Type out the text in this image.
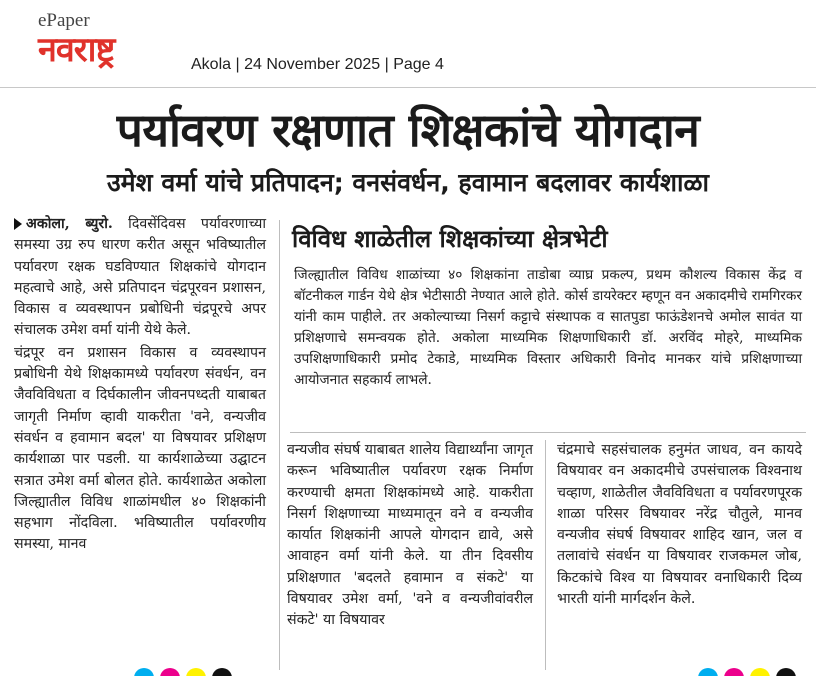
ePaper
नवराष्ट्र	Akola | 24 November 2025 | Page 4
पर्यावरण रक्षणात शिक्षकांचे योगदान
उमेश वर्मा यांचे प्रतिपादन; वनसंवर्धन, हवामान बदलावर कार्यशाळा

अकोला, ब्युरो. दिवसेंदिवस पर्यावरणाच्या समस्या उग्र रुप धारण करीत असून भविष्यातील पर्यावरण रक्षक घडविण्यात शिक्षकांचे योगदान महत्वाचे आहे, असे प्रतिपादन चंद्रपूरवन प्रशासन, विकास व व्यवस्थापन प्रबोधिनी चंद्रपूरचे अपर संचालक उमेश वर्मा यांनी येथे केले.

चंद्रपूर वन प्रशासन विकास व व्यवस्थापन प्रबोधिनी येथे शिक्षकामध्ये पर्यावरण संवर्धन, वन जैवविविधता व दिर्घकालीन जीवनपध्दती याबाबत जागृती निर्माण व्हावी याकरीता 'वने, वन्यजीव संवर्धन व हवामान बदल' या विषयावर प्रशिक्षण कार्यशाळा पार पडली. या कार्यशाळेच्या उद्घाटन सत्रात उमेश वर्मा बोलत होते. कार्यशाळेत अकोला जिल्ह्यातील विविध शाळांमधील ४० शिक्षकांनी सहभाग नोंदविला. भविष्यातील पर्यावरणीय समस्या, मानव

विविध शाळेतील शिक्षकांच्या क्षेत्रभेटी

जिल्ह्यातील विविध शाळांच्या ४० शिक्षकांना ताडोबा व्याघ्र प्रकल्प, प्रथम कौशल्य विकास केंद्र व बॉटनीकल गार्डन येथे क्षेत्र भेटीसाठी नेण्यात आले होते. कोर्स डायरेक्टर म्हणून वन अकादमीचे रामगिरकर यांनी काम पाहीले. तर अकोल्याच्या निसर्ग कट्टाचे संस्थापक व सातपुडा फाऊंडेशनचे अमोल सावंत या प्रशिक्षणाचे समन्वयक होते. अकोला माध्यमिक शिक्षणाधिकारी डॉ. अरविंद मोहरे, माध्यमिक उपशिक्षणाधिकारी प्रमोद टेकाडे, माध्यमिक विस्तार अधिकारी विनोद मानकर यांचे प्रशिक्षणाच्या आयोजनात सहकार्य लाभले.

वन्यजीव संघर्ष याबाबत शालेय विद्यार्थ्यांना जागृत करून भविष्यातील पर्यावरण रक्षक निर्माण करण्याची क्षमता शिक्षकांमध्ये आहे. याकरीता निसर्ग शिक्षणाच्या माध्यमातून वने व वन्यजीव कार्यात शिक्षकांनी आपले योगदान द्यावे, असे आवाहन वर्मा यांनी केले. या तीन दिवसीय प्रशिक्षणात 'बदलते हवामान व संकटे' या विषयावर उमेश वर्मा, 'वने व वन्यजीवांवरील संकटे' या विषयावर

चंद्रमाचे सहसंचालक हनुमंत जाधव, वन कायदे विषयावर वन अकादमीचे उपसंचालक विश्वनाथ चव्हाण, शाळेतील जैवविविधता व पर्यावरणपूरक शाळा परिसर विषयावर नरेंद्र चौतुले, मानव वन्यजीव संघर्ष विषयावर शाहिद खान, जल व तलावांचे संवर्धन या विषयावर राजकमल जोब, किटकांचे विश्व या विषयावर वनाधिकारी दिव्य भारती यांनी मार्गदर्शन केले.
